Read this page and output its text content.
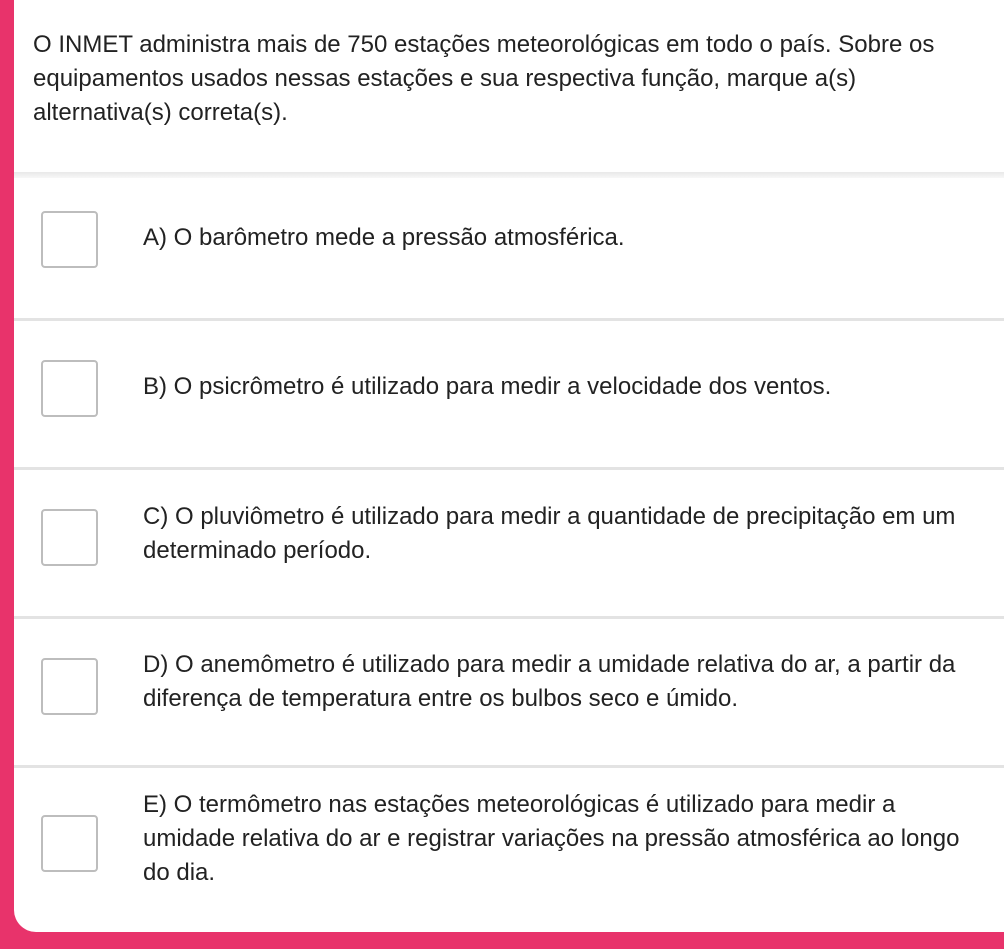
O INMET administra mais de 750 estações meteorológicas em todo o país. Sobre os equipamentos usados nessas estações e sua respectiva função, marque a(s) alternativa(s) correta(s).
A) O barômetro mede a pressão atmosférica.
B) O psicrômetro é utilizado para medir a velocidade dos ventos.
C) O pluviômetro é utilizado para medir a quantidade de precipitação em um determinado período.
D) O anemômetro é utilizado para medir a umidade relativa do ar, a partir da diferença de temperatura entre os bulbos seco e úmido.
E) O termômetro nas estações meteorológicas é utilizado para medir a umidade relativa do ar e registrar variações na pressão atmosférica ao longo do dia.
